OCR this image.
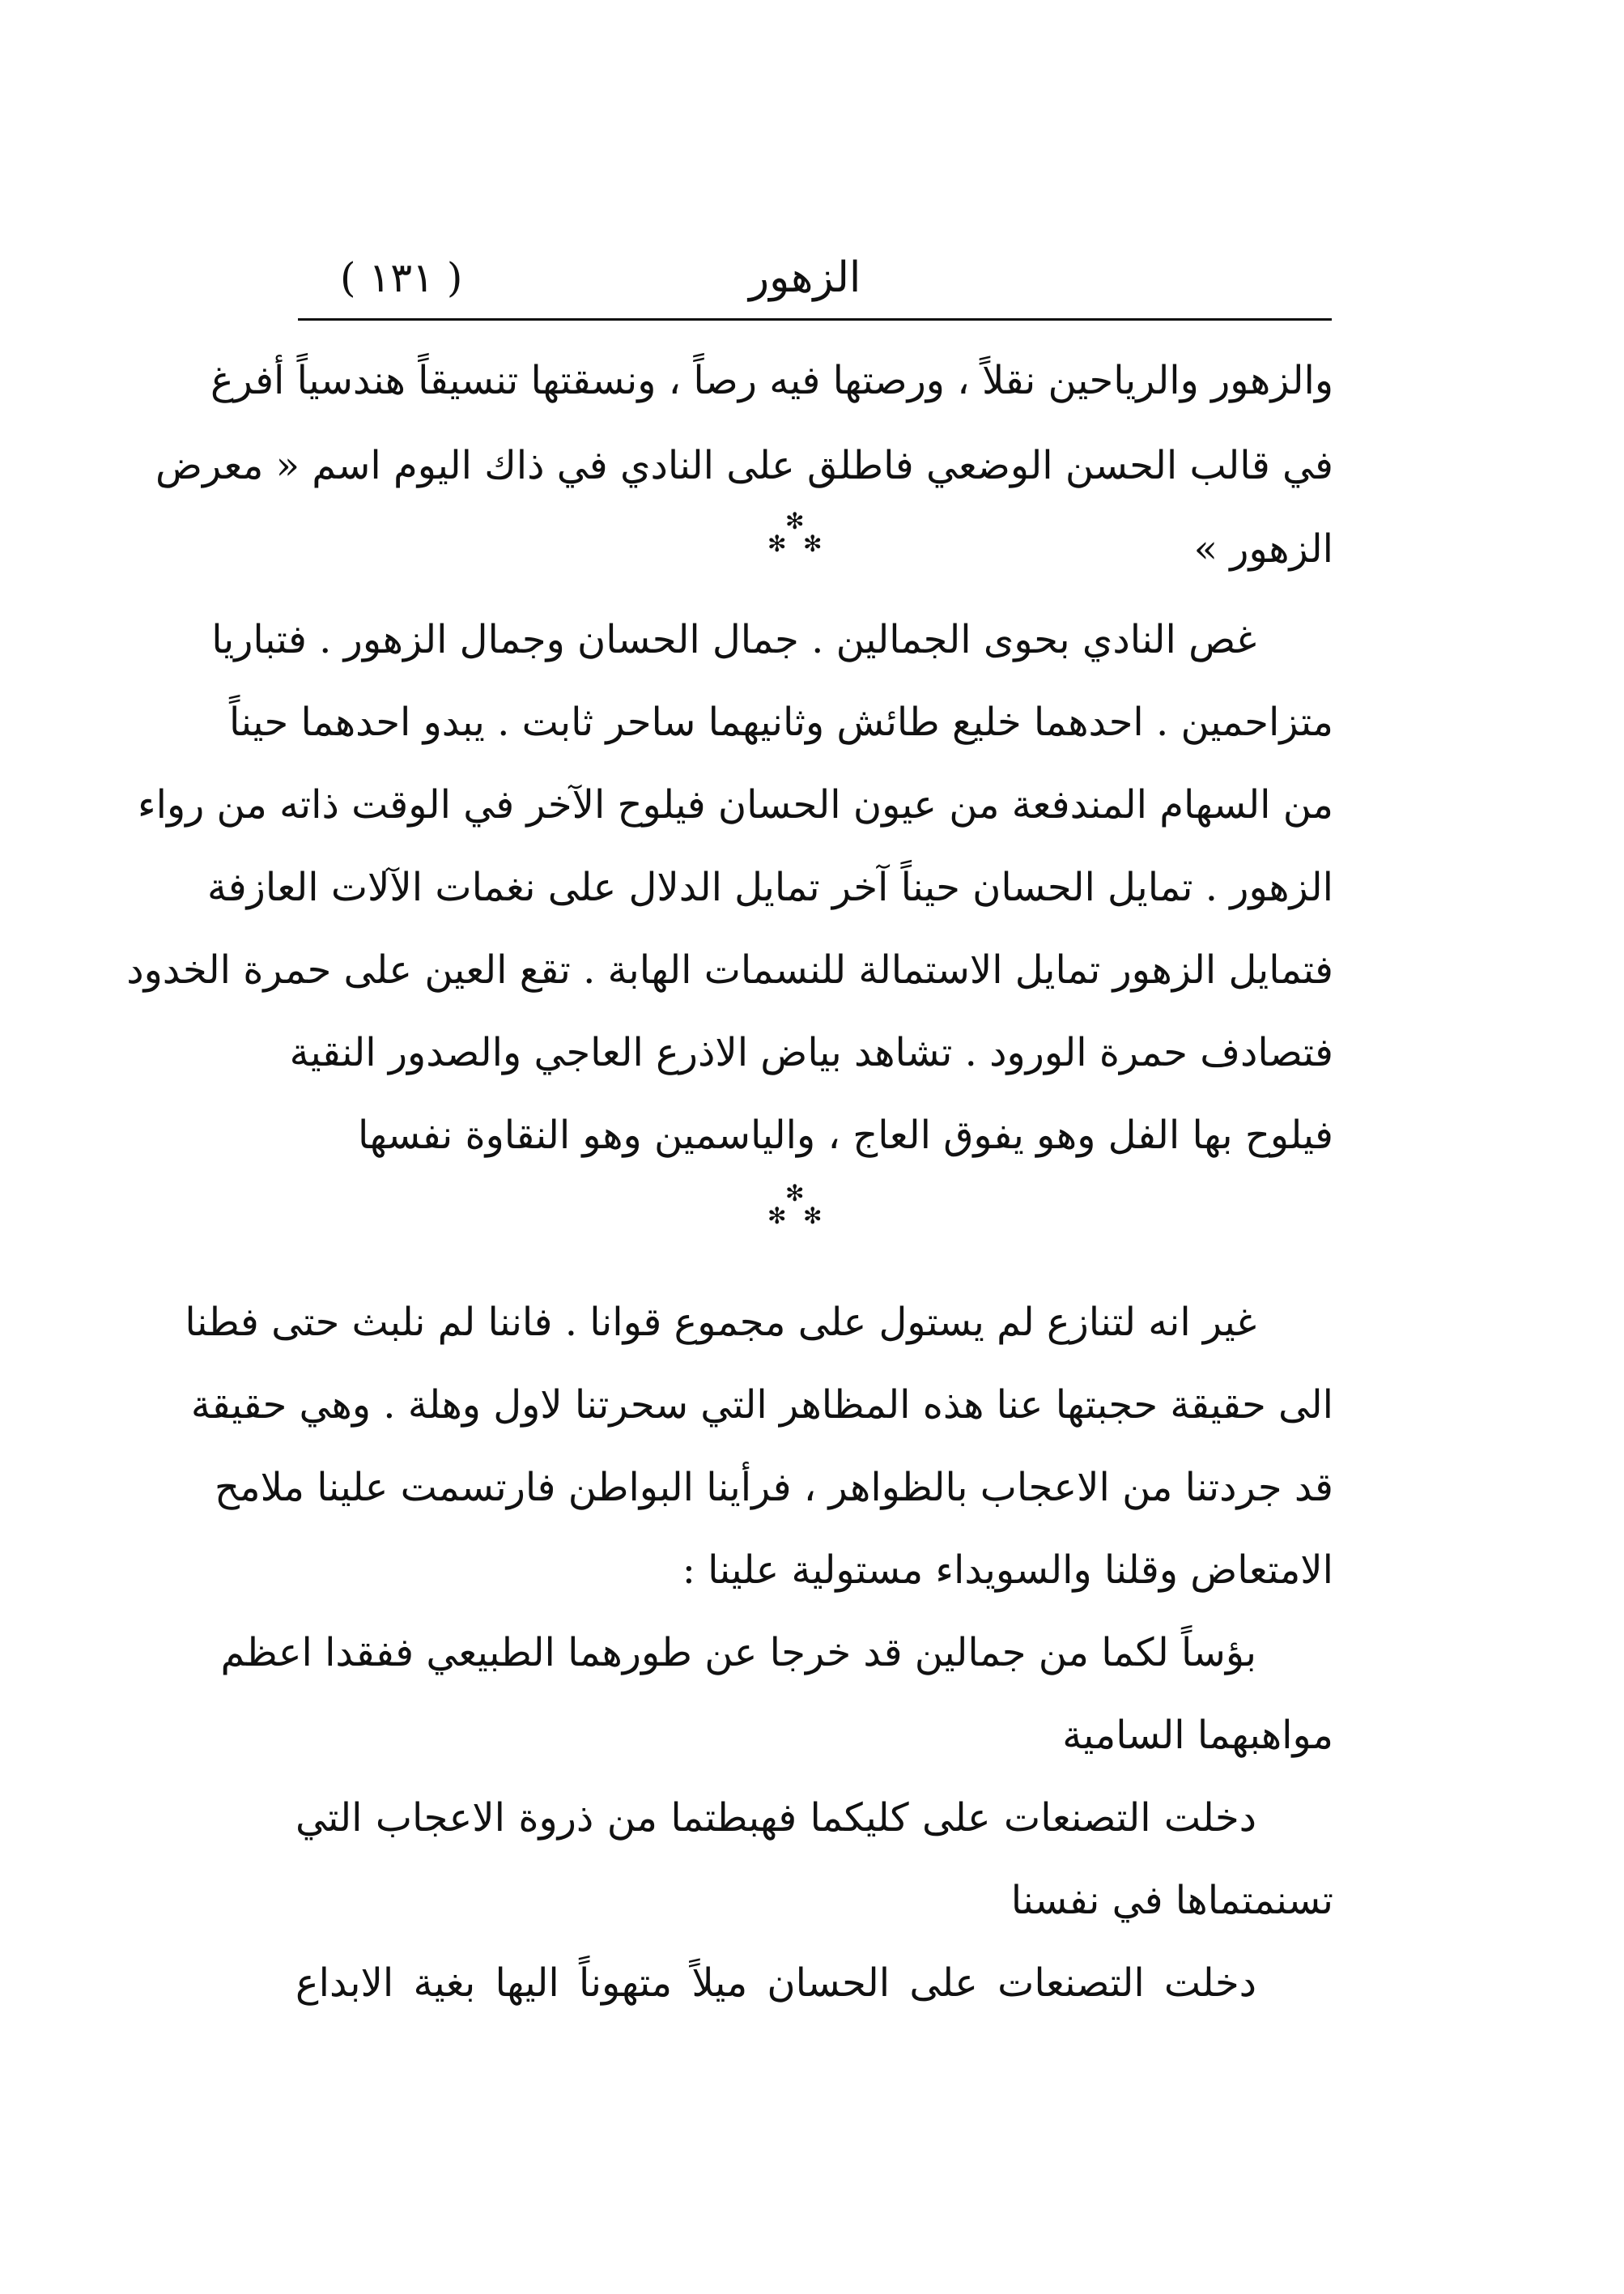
( ١٣١ )	الزهور
والزهور والرياحين نقلاً ، ورصتها فيه رصاً ، ونسقتها تنسيقاً هندسياً أفرغ
في قالب الحسن الوضعي فاطلق على النادي في ذاك اليوم اسم « معرض
الزهور »
✻
✻ ✻
غص النادي بحوى الجمالين . جمال الحسان وجمال الزهور . فتباريا
متزاحمين . احدهما خليع طائش وثانيهما ساحر ثابت . يبدو احدهما حيناً
من السهام المندفعة من عيون الحسان فيلوح الآخر في الوقت ذاته من رواء
الزهور . تمايل الحسان حيناً آخر تمايل الدلال على نغمات الآلات العازفة
فتمايل الزهور تمايل الاستمالة للنسمات الهابة . تقع العين على حمرة الخدود
فتصادف حمرة الورود . تشاهد بياض الاذرع العاجي والصدور النقية
فيلوح بها الفل وهو يفوق العاج ، والياسمين وهو النقاوة نفسها
✻
✻ ✻
غير انه لتنازع لم يستول على مجموع قوانا . فاننا لم نلبث حتى فطنا
الى حقيقة حجبتها عنا هذه المظاهر التي سحرتنا لاول وهلة . وهي حقيقة
قد جردتنا من الاعجاب بالظواهر ، فرأينا البواطن فارتسمت علينا ملامح
الامتعاض وقلنا والسويداء مستولية علينا :
بؤساً لكما من جمالين قد خرجا عن طورهما الطبيعي ففقدا اعظم
مواهبهما السامية
دخلت التصنعات على كليكما فهبطتما من ذروة الاعجاب التي
تسنمتماها في نفسنا
دخلت التصنعات على الحسان ميلاً متهوناً اليها بغية الابداع
